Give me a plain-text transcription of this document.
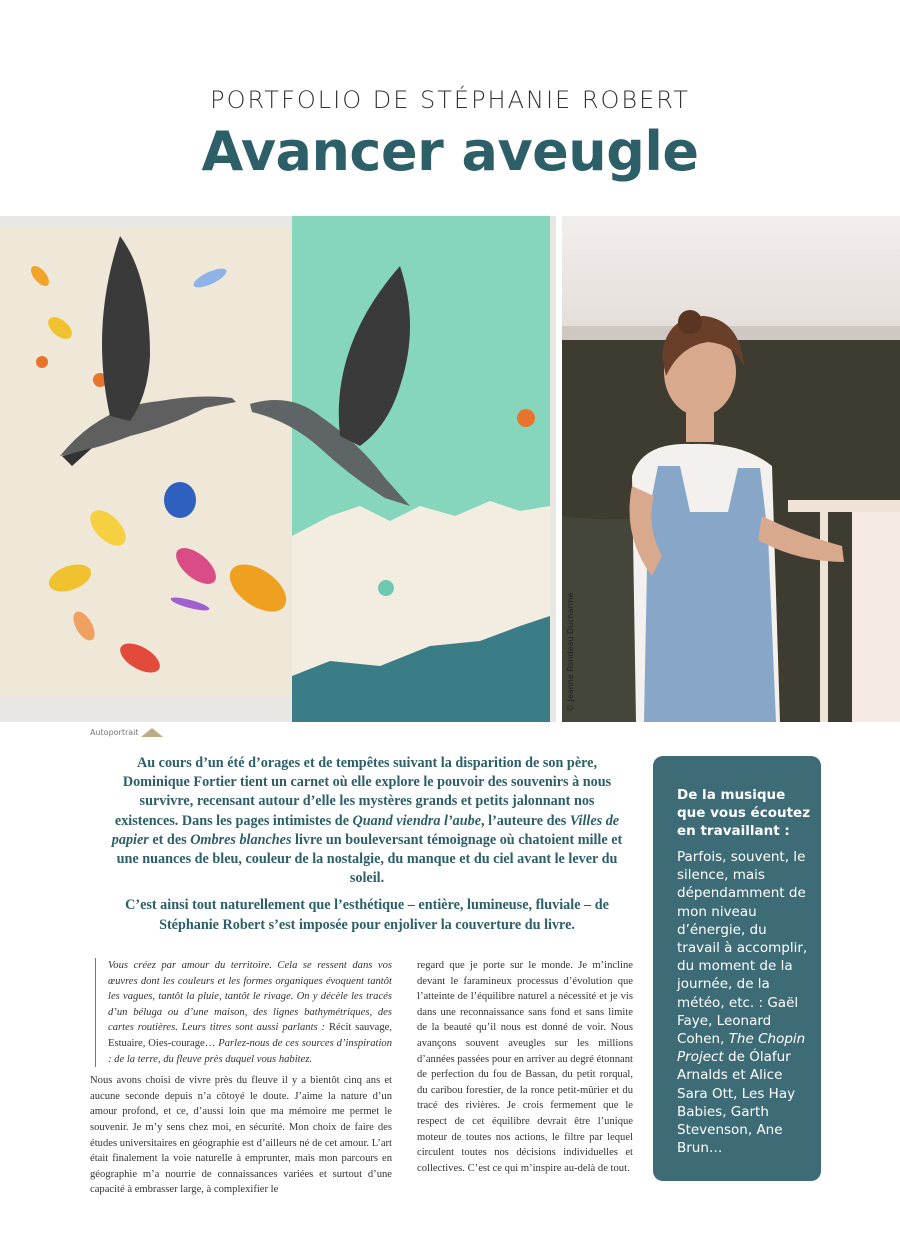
PORTFOLIO DE STÉPHANIE ROBERT
Avancer aveugle
© Jeanne Rondeau Ducharme
Autoportrait

Au cours d’un été d’orages et de tempêtes suivant la disparition de son père, Dominique Fortier tient un carnet où elle explore le pouvoir des souvenirs à nous survivre, recensant autour d’elle les mystères grands et petits jalonnant nos existences. Dans les pages intimistes de Quand viendra l’aube, l’auteure des Villes de papier et des Ombres blanches livre un bouleversant témoignage où chatoient mille et une nuances de bleu, couleur de la nostalgie, du manque et du ciel avant le lever du soleil.

C’est ainsi tout naturellement que l’esthétique – entière, lumineuse, fluviale – de Stéphanie Robert s’est imposée pour enjoliver la couverture du livre.

De la musique que vous écoutez en travaillant :
Parfois, souvent, le silence, mais dépendamment de mon niveau d’énergie, du travail à accomplir, du moment de la journée, de la météo, etc. : Gaël Faye, Leonard Cohen, The Chopin Project de Ólafur Arnalds et Alice Sara Ott, Les Hay Babies, Garth Stevenson, Ane Brun…

Vous créez par amour du territoire. Cela se ressent dans vos œuvres dont les couleurs et les formes organiques évoquent tantôt les vagues, tantôt la pluie, tantôt le rivage. On y décèle les tracés d’un béluga ou d’une maison, des lignes bathymétriques, des cartes routières. Leurs titres sont aussi parlants : Récit sauvage, Estuaire, Oies-courage… Parlez-nous de ces sources d’inspiration : de la terre, du fleuve près duquel vous habitez.

Nous avons choisi de vivre près du fleuve il y a bientôt cinq ans et aucune seconde depuis n’a côtoyé le doute. J’aime la nature d’un amour profond, et ce, d’aussi loin que ma mémoire me permet le souvenir. Je m’y sens chez moi, en sécurité. Mon choix de faire des études universitaires en géographie est d’ailleurs né de cet amour. L’art était finalement la voie naturelle à emprunter, mais mon parcours en géographie m’a nourrie de connaissances variées et surtout d’une capacité à embrasser large, à complexifier le

regard que je porte sur le monde. Je m’incline devant le faramineux processus d’évolution que l’atteinte de l’équilibre naturel a nécessité et je vis dans une reconnaissance sans fond et sans limite de la beauté qu’il nous est donné de voir. Nous avançons souvent aveugles sur les millions d’années passées pour en arriver au degré étonnant de perfection du fou de Bassan, du petit rorqual, du caribou forestier, de la ronce petit-mûrier et du tracé des rivières. Je crois fermement que le respect de cet équilibre devrait être l’unique moteur de toutes nos actions, le filtre par lequel circulent toutes nos décisions individuelles et collectives. C’est ce qui m’inspire au-delà de tout.
